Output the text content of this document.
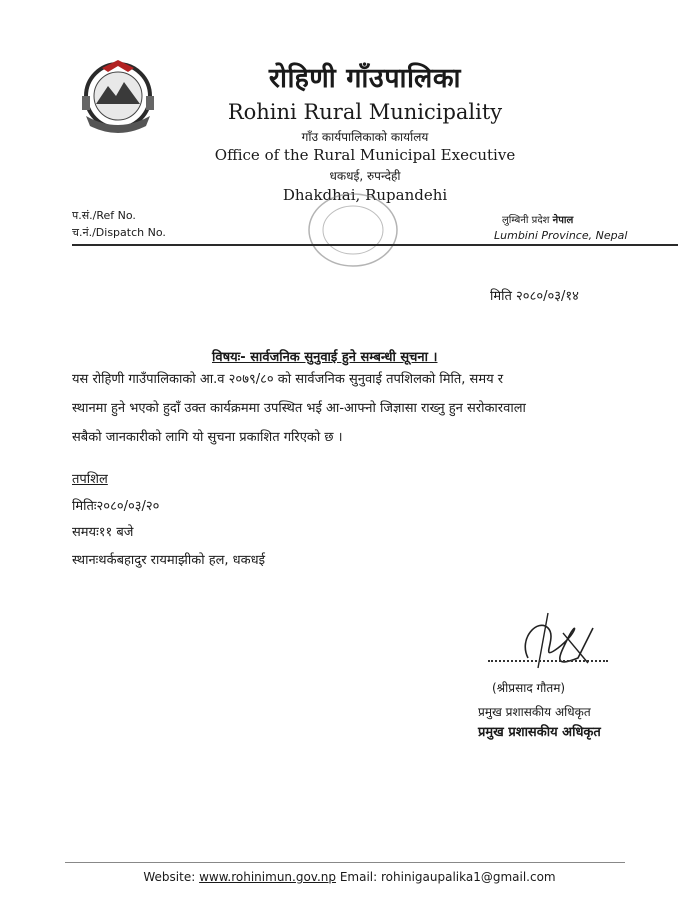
रोहिणी गाँउपालिका
Rohini Rural Municipality
गाँउ कार्यपालिकाको कार्यालय
Office of the Rural Municipal Executive
धकधई, रुपन्देही
Dhakdhai, Rupandehi
प.सं./Ref No.
च.नं./Dispatch No.
लुम्बिनी प्रदेश नेपाल
Lumbini Province, Nepal
मिति २०८०/०३/१४
विषयः- सार्वजनिक सुनुवाई हुने सम्बन्धी सूचना ।
यस रोहिणी गाउँपालिकाको आ.व २०७९/८० को सार्वजनिक सुनुवाई तपशिलको मिति, समय र
स्थानमा हुने भएको हुदाँ उक्त कार्यक्रममा उपस्थित भई आ-आफ्नो जिज्ञासा राख्नु हुन सरोकारवाला
सबैको जानकारीको लागि यो सुचना प्रकाशित गरिएको छ ।
तपशिल
मितिः२०८०/०३/२०
समयः११ बजे
स्थानःथर्कबहादुर रायमाझीको हल, धकधई
(श्रीप्रसाद गौतम)
प्रमुख प्रशासकीय अधिकृत
प्रमुख प्रशासकीय अधिकृत
Website: www.rohinimun.gov.np Email: rohinigaupalika1@gmail.com
